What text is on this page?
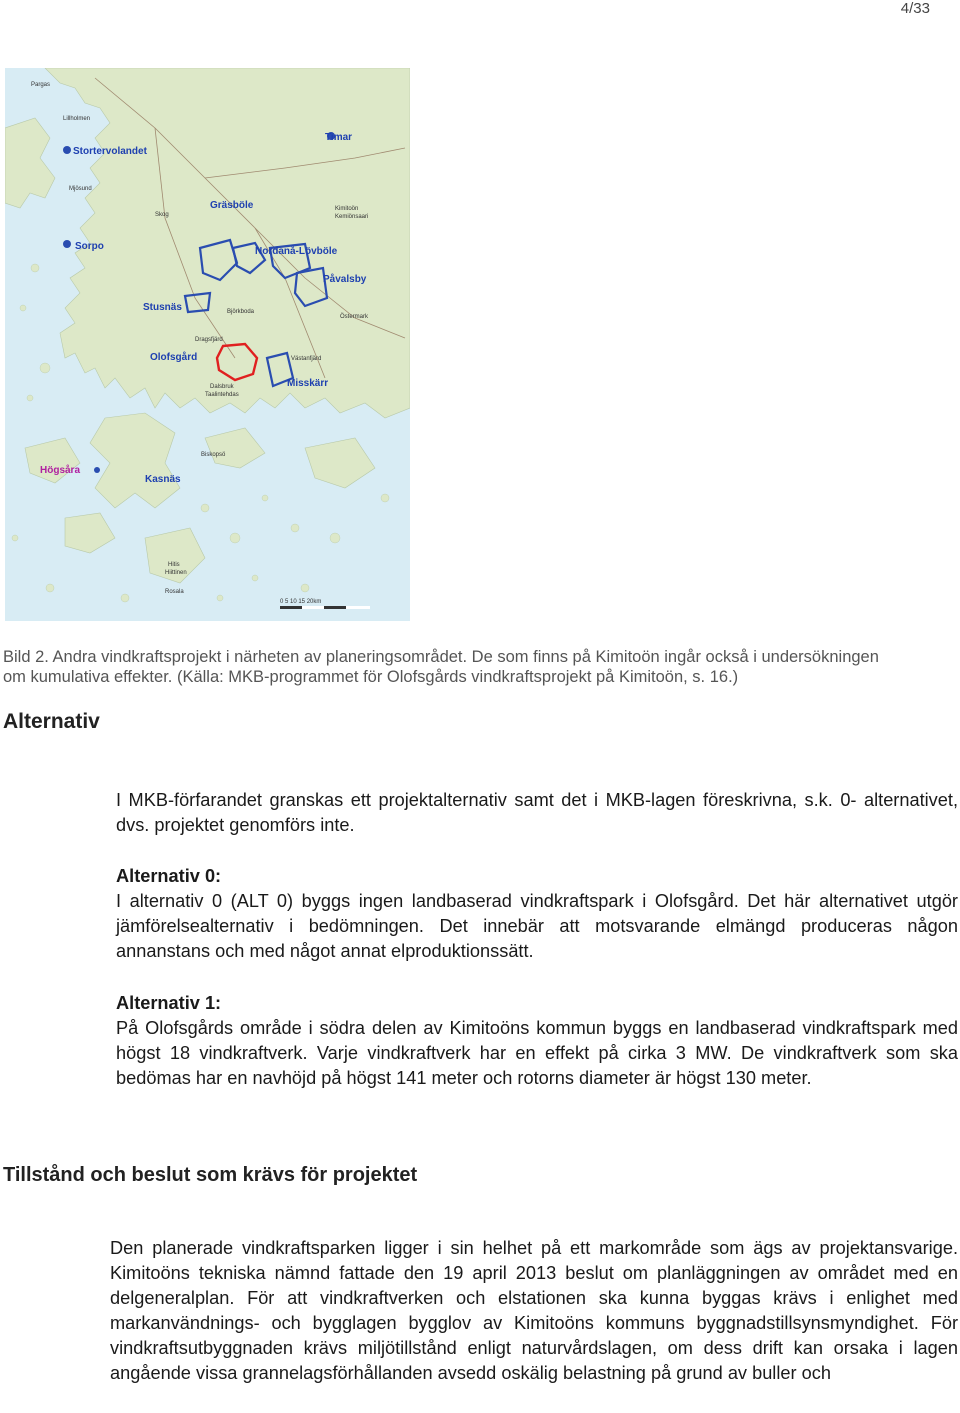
4/33
Pargas
Lillholmen
Stortervolandet
Mjösund
Sorpo
Skog
Gräsböle	Kimitoön
Kemiönsaari
Timar
Nordanå-Lövböle
Påvalsby
Stusnäs	Björkboda
Östermark
Olofsgård
Dragsfjärd
Västanfjärd
Misskärr
Dalsbruk
Taalintehdas
Högsåra
Biskopsö
Kasnäs
Hitis
Hiittinen
Rosala
0 5 10 15 20km
Bild 2. Andra vindkraftsprojekt i närheten av planeringsområdet. De som finns på Kimitoön ingår också i undersökningen
om kumulativa effekter. (Källa: MKB-programmet för Olofsgårds vindkraftsprojekt på Kimitoön, s. 16.)
Alternativ

I MKB-förfarandet granskas ett projektalternativ samt det i MKB-lagen föreskrivna, s.k. 0- alternativet, dvs. projektet genomförs inte.

Alternativ 0:

I alternativ 0 (ALT 0) byggs ingen landbaserad vindkraftspark i Olofsgård. Det här alternativet utgör jämförelsealternativ i bedömningen. Det innebär att motsvarande elmängd produceras någon annanstans och med något annat elproduktionssätt.

Alternativ 1:

På Olofsgårds område i södra delen av Kimitoöns kommun byggs en landbaserad vindkraftspark med högst 18 vindkraftverk. Varje vindkraftverk har en effekt på cirka 3 MW. De vindkraftverk som ska bedömas har en navhöjd på högst 141 meter och rotorns diameter är högst 130 meter.

Tillstånd och beslut som krävs för projektet

Den planerade vindkraftsparken ligger i sin helhet på ett markområde som ägs av projektansvarige. Kimitoöns tekniska nämnd fattade den 19 april 2013 beslut om planläggningen av området med en delgeneralplan. För att vindkraftverken och elstationen ska kunna byggas krävs i enlighet med markanvändnings- och bygglagen bygglov av Kimitoöns kommuns byggnadstillsynsmyndighet. För vindkraftsutbyggnaden krävs miljötillstånd enligt naturvårdslagen, om dess drift kan orsaka i lagen angående vissa grannelagsförhållanden avsedd oskälig belastning på grund av buller och
